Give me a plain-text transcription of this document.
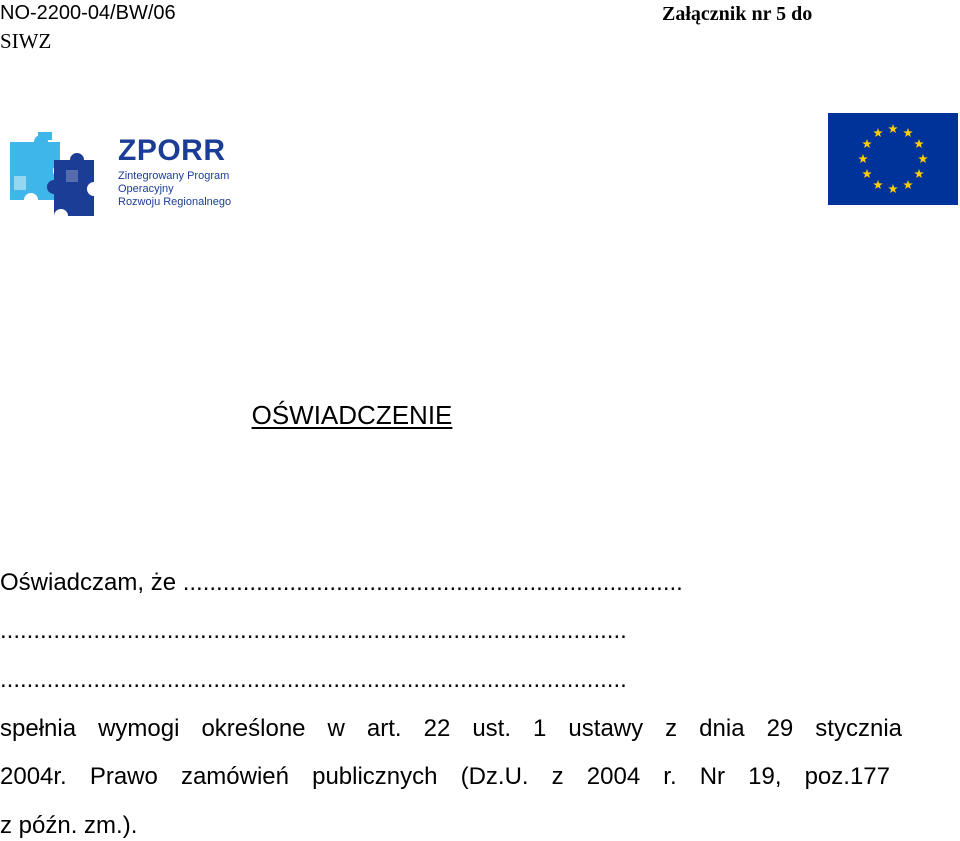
NO-2200-04/BW/06
SIWZ
Załącznik nr 5 do
ZPORR
Zintegrowany Program
Operacyjny
Rozwoju Regionalnego
OŚWIADCZENIE
Oświadczam, że ...........................................................................
..............................................................................................
..............................................................................................
spełnia wymogi określone w art. 22 ust. 1 ustawy z dnia 29 stycznia
2004r. Prawo zamówień publicznych (Dz.U. z 2004 r. Nr 19, poz.177
z późn. zm.).
